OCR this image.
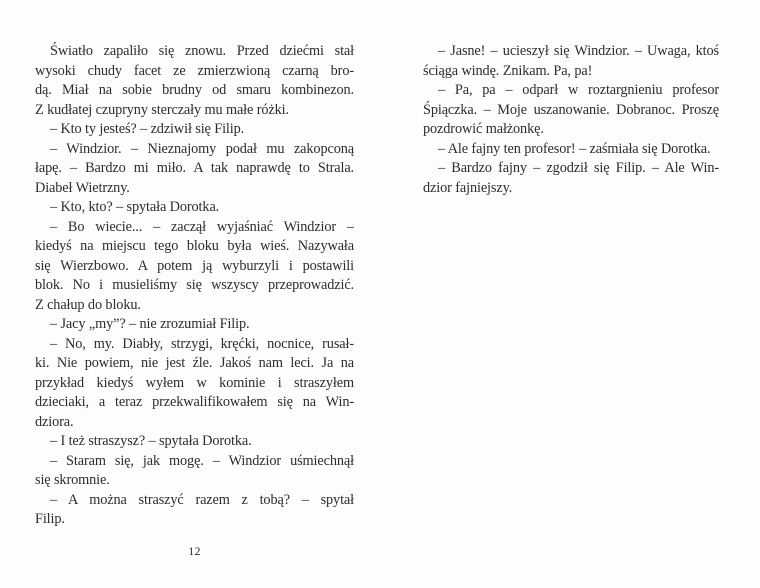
Światło zapaliło się znowu. Przed dziećmi stał
wysoki chudy facet ze zmierzwioną czarną bro-
dą. Miał na sobie brudny od smaru kombinezon.
Z kudłatej czupryny sterczały mu małe różki.
– Kto ty jesteś? – zdziwił się Filip.
– Windzior. – Nieznajomy podał mu zakopconą
łapę. – Bardzo mi miło. A tak naprawdę to Strala.
Diabeł Wietrzny.
– Kto, kto? – spytała Dorotka.
– Bo wiecie... – zaczął wyjaśniać Windzior –
kiedyś na miejscu tego bloku była wieś. Nazywała
się Wierzbowo. A potem ją wyburzyli i postawili
blok. No i musieliśmy się wszyscy przeprowadzić.
Z chałup do bloku.
– Jacy „my”? – nie zrozumiał Filip.
– No, my. Diabły, strzygi, kręćki, nocnice, rusał-
ki. Nie powiem, nie jest źle. Jakoś nam leci. Ja na
przykład kiedyś wyłem w kominie i straszyłem
dzieciaki, a teraz przekwalifikowałem się na Win-
dziora.
– I też straszysz? – spytała Dorotka.
– Staram się, jak mogę. – Windzior uśmiechnął
się skromnie.
– A można straszyć razem z tobą? – spytał
Filip.
– Jasne! – ucieszył się Windzior. – Uwaga, ktoś
ściąga windę. Znikam. Pa, pa!
– Pa, pa – odparł w roztargnieniu profesor
Śpiączka. – Moje uszanowanie. Dobranoc. Proszę
pozdrowić małżonkę.
– Ale fajny ten profesor! – zaśmiała się Dorotka.
– Bardzo fajny – zgodził się Filip. – Ale Win-
dzior fajniejszy.
12
